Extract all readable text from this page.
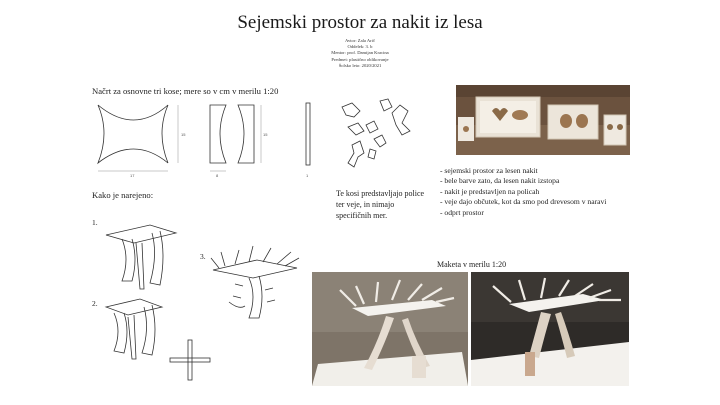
Sejemski prostor za nakit iz lesa
Avtor: Zala Arič
Oddelek: 3. b
Mentor: prof. Damijan Kracina
Predmet: plastično oblikovanje
Šolsko leto: 2020/2021
Načrt za osnovne tri kose; mere so v cm v merilu 1:20
17
15
8
15
1
Te kosi predstavljajo police ter veje, in nimajo specifičnih mer.
- sejemski prostor za lesen nakit
- bele barve zato, da lesen nakit izstopa
- nakit je predstavljen na policah
- veje dajo občutek, kot da smo pod drevesom v naravi
- odprt prostor
Kako je narejeno:
1.
2.
3.
Maketa v merilu 1:20
